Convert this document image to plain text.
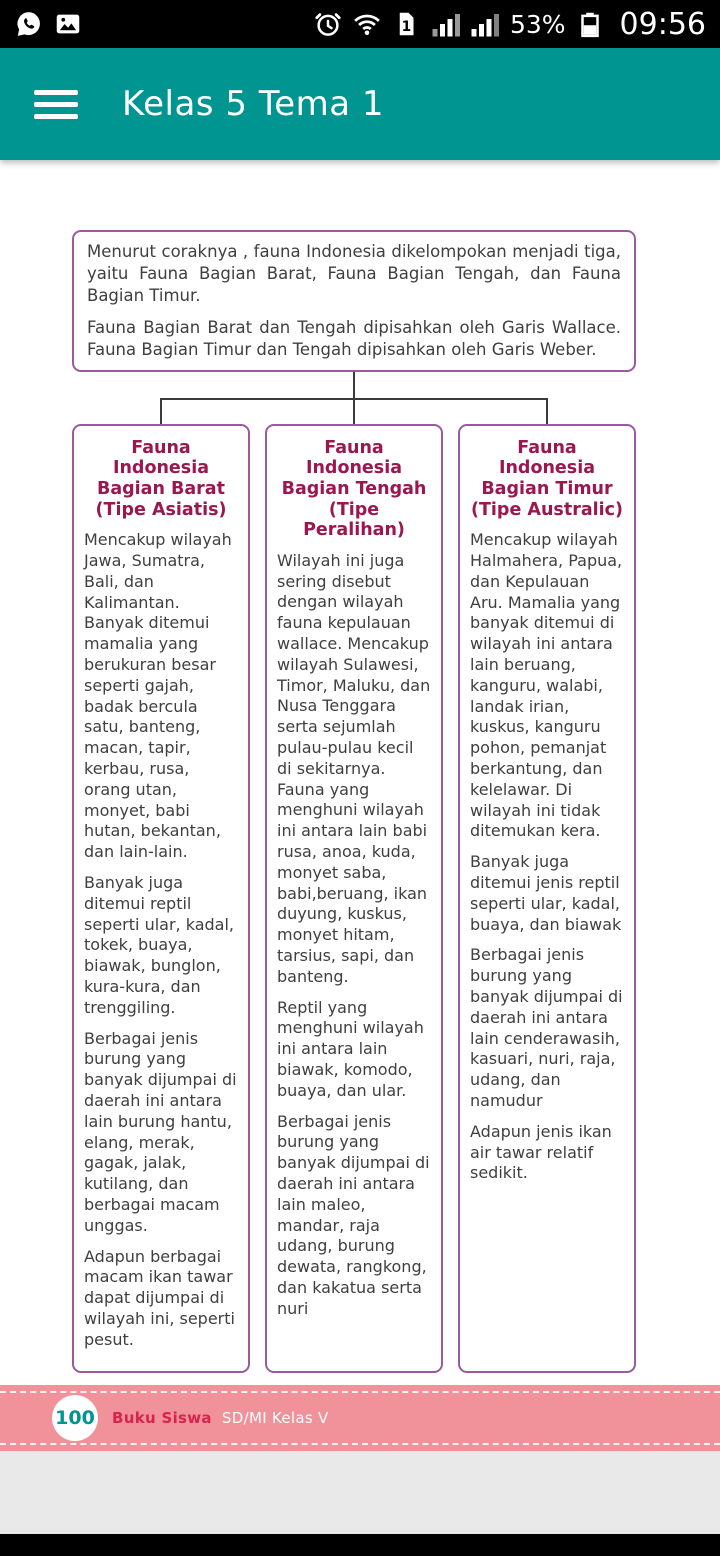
1	53% 09:56
Kelas 5 Tema 1

Menurut coraknya , fauna Indonesia dikelompokan menjadi tiga, yaitu Fauna Bagian Barat, Fauna Bagian Tengah, dan Fauna Bagian Timur.

Fauna Bagian Barat dan Tengah dipisahkan oleh Garis Wallace. Fauna Bagian Timur dan Tengah dipisahkan oleh Garis Weber.

Fauna Indonesia Bagian Barat (Tipe Asiatis)

Mencakup wilayah Jawa, Sumatra, Bali, dan Kalimantan. Banyak ditemui mamalia yang berukuran besar seperti gajah, badak bercula satu, banteng, macan, tapir, kerbau, rusa, orang utan, monyet, babi hutan, bekantan, dan lain-lain.

Banyak juga ditemui reptil seperti ular, kadal, tokek, buaya, biawak, bunglon, kura-kura, dan trenggiling.

Berbagai jenis burung yang banyak dijumpai di daerah ini antara lain burung hantu, elang, merak, gagak, jalak, kutilang, dan berbagai macam unggas.

Adapun berbagai macam ikan tawar dapat dijumpai di wilayah ini, seperti pesut.

Fauna Indonesia Bagian Tengah (Tipe Peralihan)

Wilayah ini juga sering disebut dengan wilayah fauna kepulauan wallace. Mencakup wilayah Sulawesi, Timor, Maluku, dan Nusa Tenggara serta sejumlah pulau-pulau kecil di sekitarnya. Fauna yang menghuni wilayah ini antara lain babi rusa, anoa, kuda, monyet saba, babi,beruang, ikan duyung, kuskus, monyet hitam, tarsius, sapi, dan banteng.

Reptil yang menghuni wilayah ini antara lain biawak, komodo, buaya, dan ular.

Berbagai jenis burung yang banyak dijumpai di daerah ini antara lain maleo, mandar, raja udang, burung dewata, rangkong, dan kakatua serta nuri

Fauna Indonesia Bagian Timur (Tipe Australic)

Mencakup wilayah Halmahera, Papua, dan Kepulauan Aru. Mamalia yang banyak ditemui di wilayah ini antara lain beruang, kanguru, walabi, landak irian, kuskus, kanguru pohon, pemanjat berkantung, dan kelelawar. Di wilayah ini tidak ditemukan kera.

Banyak juga ditemui jenis reptil seperti ular, kadal, buaya, dan biawak

Berbagai jenis burung yang banyak dijumpai di daerah ini antara lain cenderawasih, kasuari, nuri, raja, udang, dan namudur

Adapun jenis ikan air tawar relatif sedikit.

100 Buku Siswa SD/MI Kelas V
